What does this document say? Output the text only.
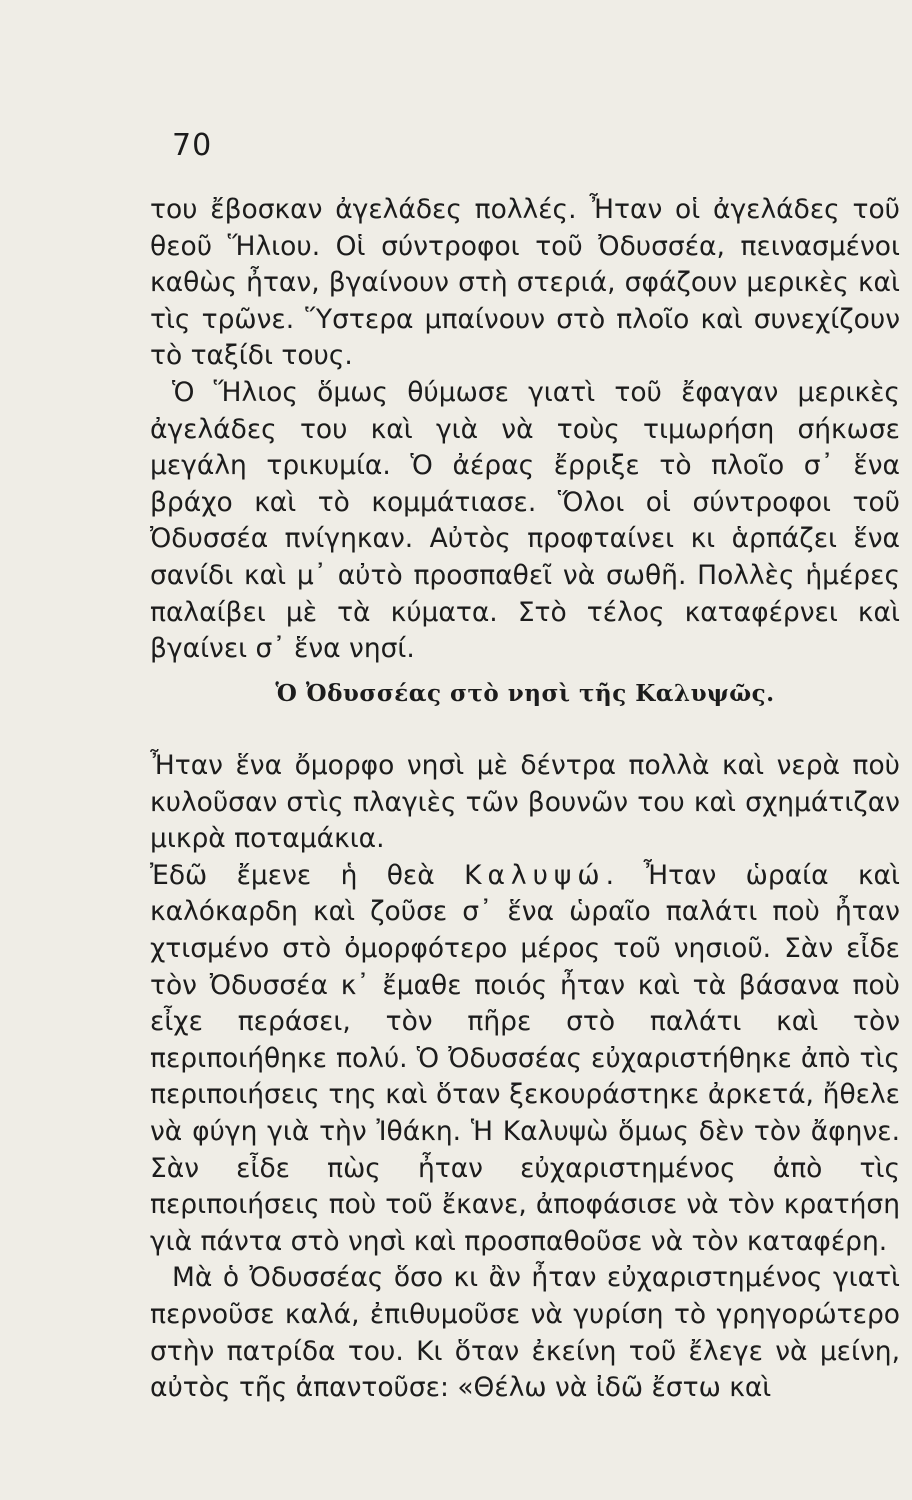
70

του ἔβοσκαν ἀγελάδες πολλές. Ἦταν οἱ ἀγελάδες τοῦ θεοῦ Ἥλιου. Οἱ σύντροφοι τοῦ Ὀδυσσέα, πεινασμένοι καθὼς ἦταν, βγαίνουν στὴ στεριά, σφάζουν μερικὲς καὶ τὶς τρῶνε. Ὕστερα μπαίνουν στὸ πλοῖο καὶ συνεχίζουν τὸ ταξίδι τους.

Ὁ Ἥλιος ὅμως θύμωσε γιατὶ τοῦ ἔφαγαν μερικὲς ἀγελάδες του καὶ γιὰ νὰ τοὺς τιμωρήση σήκωσε μεγάλη τρικυμία. Ὁ ἀέρας ἔρριξε τὸ πλοῖο σ᾽ ἕνα βράχο καὶ τὸ κομμάτιασε. Ὅλοι οἱ σύντροφοι τοῦ Ὀδυσσέα πνίγηκαν. Αὐτὸς προφταίνει κι ἁρπάζει ἕνα σανίδι καὶ μ᾽ αὐτὸ προσπαθεῖ νὰ σωθῆ. Πολλὲς ἡμέρες παλαίβει μὲ τὰ κύματα. Στὸ τέλος καταφέρνει καὶ βγαίνει σ᾽ ἕνα νησί.

Ὁ Ὀδυσσέας στὸ νησὶ τῆς Καλυψῶς.

Ἦταν ἕνα ὄμορφο νησὶ μὲ δέντρα πολλὰ καὶ νερὰ ποὺ κυλοῦσαν στὶς πλαγιὲς τῶν βουνῶν του καὶ σχημάτιζαν μικρὰ ποταμάκια.

Ἐδῶ ἔμενε ἡ θεὰ Καλυψώ. Ἦταν ὡραία καὶ καλόκαρδη καὶ ζοῦσε σ᾽ ἕνα ὡραῖο παλάτι ποὺ ἦταν χτισμένο στὸ ὀμορφότερο μέρος τοῦ νησιοῦ. Σὰν εἶδε τὸν Ὀδυσσέα κ᾽ ἔμαθε ποιός ἦταν καὶ τὰ βάσανα ποὺ εἶχε περάσει, τὸν πῆρε στὸ παλάτι καὶ τὸν περιποιήθηκε πολύ. Ὁ Ὀδυσσέας εὐχαριστήθηκε ἀπὸ τὶς περιποιήσεις της καὶ ὅταν ξεκουράστηκε ἀρκετά, ἤθελε νὰ φύγη γιὰ τὴν Ἰθάκη. Ἡ Καλυψὼ ὅμως δὲν τὸν ἄφηνε. Σὰν εἶδε πὼς ἦταν εὐχαριστημένος ἀπὸ τὶς περιποιήσεις ποὺ τοῦ ἔκανε, ἀποφάσισε νὰ τὸν κρατήση γιὰ πάντα στὸ νησὶ καὶ προσπαθοῦσε νὰ τὸν καταφέρη.

Μὰ ὁ Ὀδυσσέας ὅσο κι ἂν ἦταν εὐχαριστημένος γιατὶ περνοῦσε καλά, ἐπιθυμοῦσε νὰ γυρίση τὸ γρηγορώτερο στὴν πατρίδα του. Κι ὅταν ἐκείνη τοῦ ἔλεγε νὰ μείνη, αὐτὸς τῆς ἀπαντοῦσε: «Θέλω νὰ ἰδῶ ἔστω καὶ
